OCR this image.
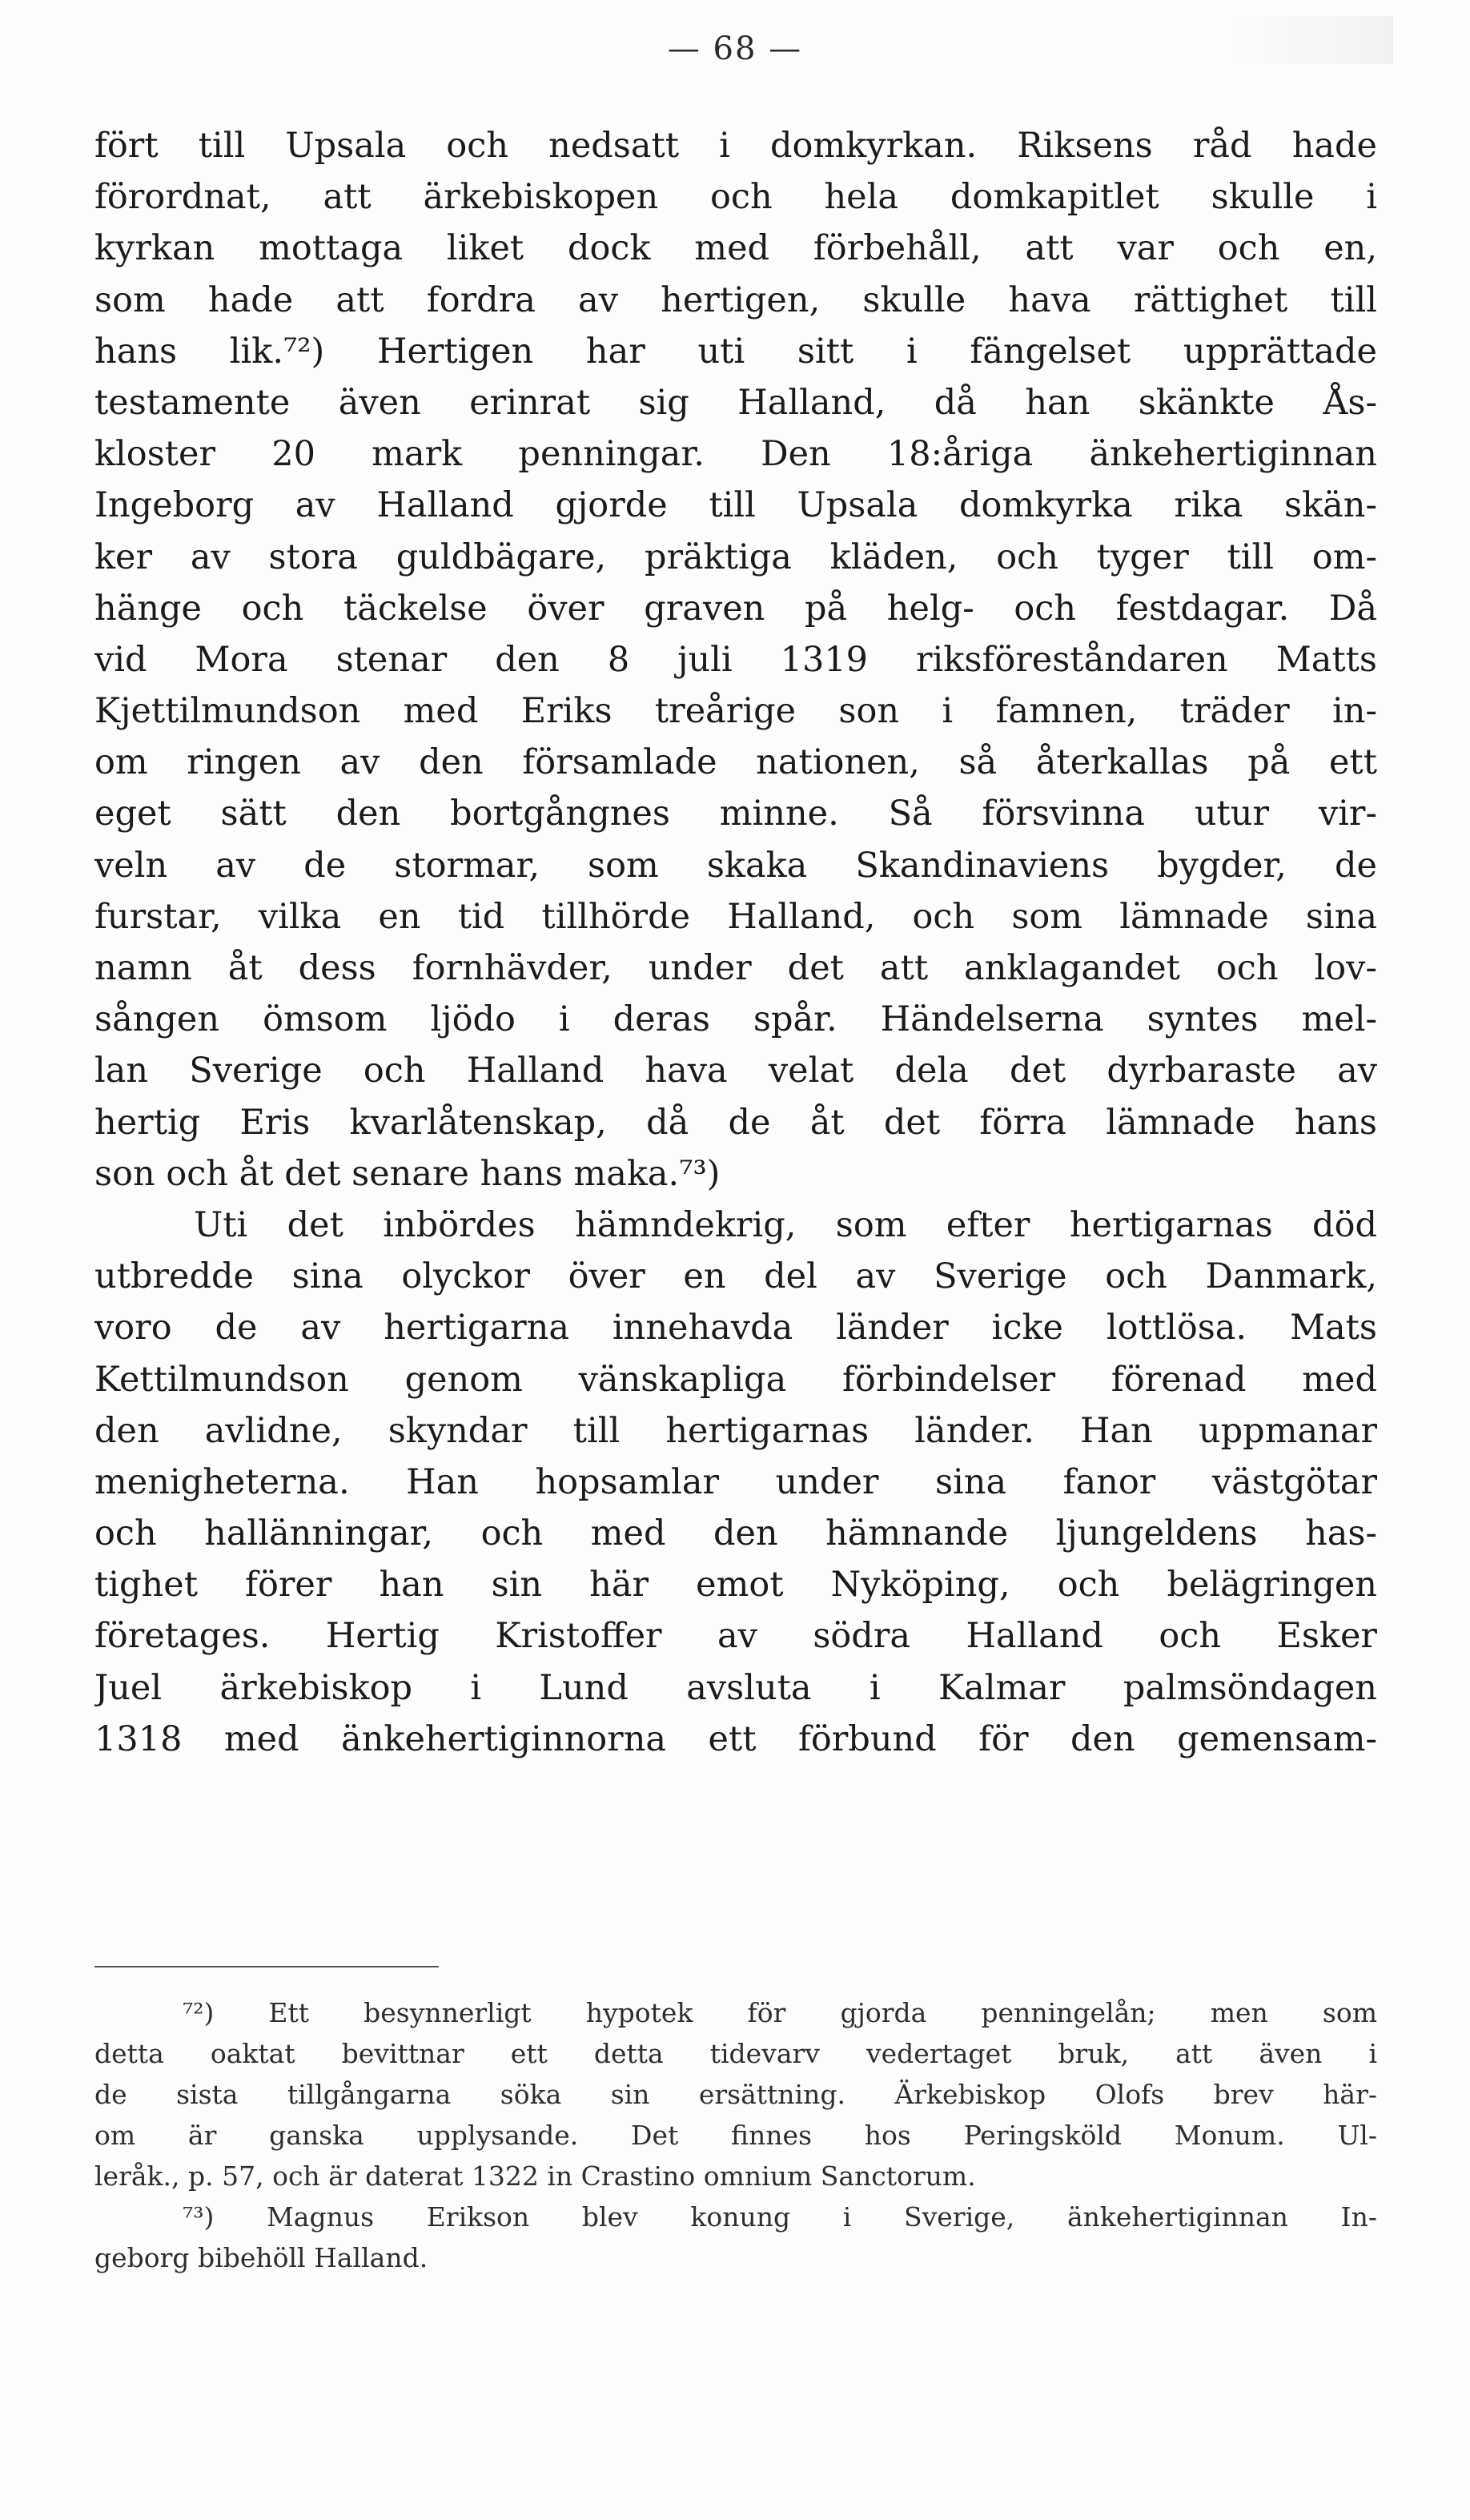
— 68 —
fört till Upsala och nedsatt i domkyrkan. Riksens råd hade
förordnat, att ärkebiskopen och hela domkapitlet skulle i
kyrkan mottaga liket dock med förbehåll, att var och en,
som hade att fordra av hertigen, skulle hava rättighet till
hans lik.⁷²) Hertigen har uti sitt i fängelset upprättade
testamente även erinrat sig Halland, då han skänkte Ås-
kloster 20 mark penningar. Den 18:åriga änkehertiginnan
Ingeborg av Halland gjorde till Upsala domkyrka rika skän-
ker av stora guldbägare, präktiga kläden, och tyger till om-
hänge och täckelse över graven på helg- och festdagar. Då
vid Mora stenar den 8 juli 1319 riksföreståndaren Matts
Kjettilmundson med Eriks treårige son i famnen, träder in-
om ringen av den församlade nationen, så återkallas på ett
eget sätt den bortgångnes minne. Så försvinna utur vir-
veln av de stormar, som skaka Skandinaviens bygder, de
furstar, vilka en tid tillhörde Halland, och som lämnade sina
namn åt dess fornhävder, under det att anklagandet och lov-
sången ömsom ljödo i deras spår. Händelserna syntes mel-
lan Sverige och Halland hava velat dela det dyrbaraste av
hertig Eris kvarlåtenskap, då de åt det förra lämnade hans
son och åt det senare hans maka.⁷³)
Uti det inbördes hämndekrig, som efter hertigarnas död
utbredde sina olyckor över en del av Sverige och Danmark,
voro de av hertigarna innehavda länder icke lottlösa. Mats
Kettilmundson genom vänskapliga förbindelser förenad med
den avlidne, skyndar till hertigarnas länder. Han uppmanar
menigheterna. Han hopsamlar under sina fanor västgötar
och hallänningar, och med den hämnande ljungeldens has-
tighet förer han sin här emot Nyköping, och belägringen
företages. Hertig Kristoffer av södra Halland och Esker
Juel ärkebiskop i Lund avsluta i Kalmar palmsöndagen
1318 med änkehertiginnorna ett förbund för den gemensam-
⁷²) Ett besynnerligt hypotek för gjorda penningelån; men som
detta oaktat bevittnar ett detta tidevarv vedertaget bruk, att även i
de sista tillgångarna söka sin ersättning. Ärkebiskop Olofs brev här-
om är ganska upplysande. Det finnes hos Peringsköld Monum. Ul-
leråk., p. 57, och är daterat 1322 in Crastino omnium Sanctorum.
⁷³) Magnus Erikson blev konung i Sverige, änkehertiginnan In-
geborg bibehöll Halland.
